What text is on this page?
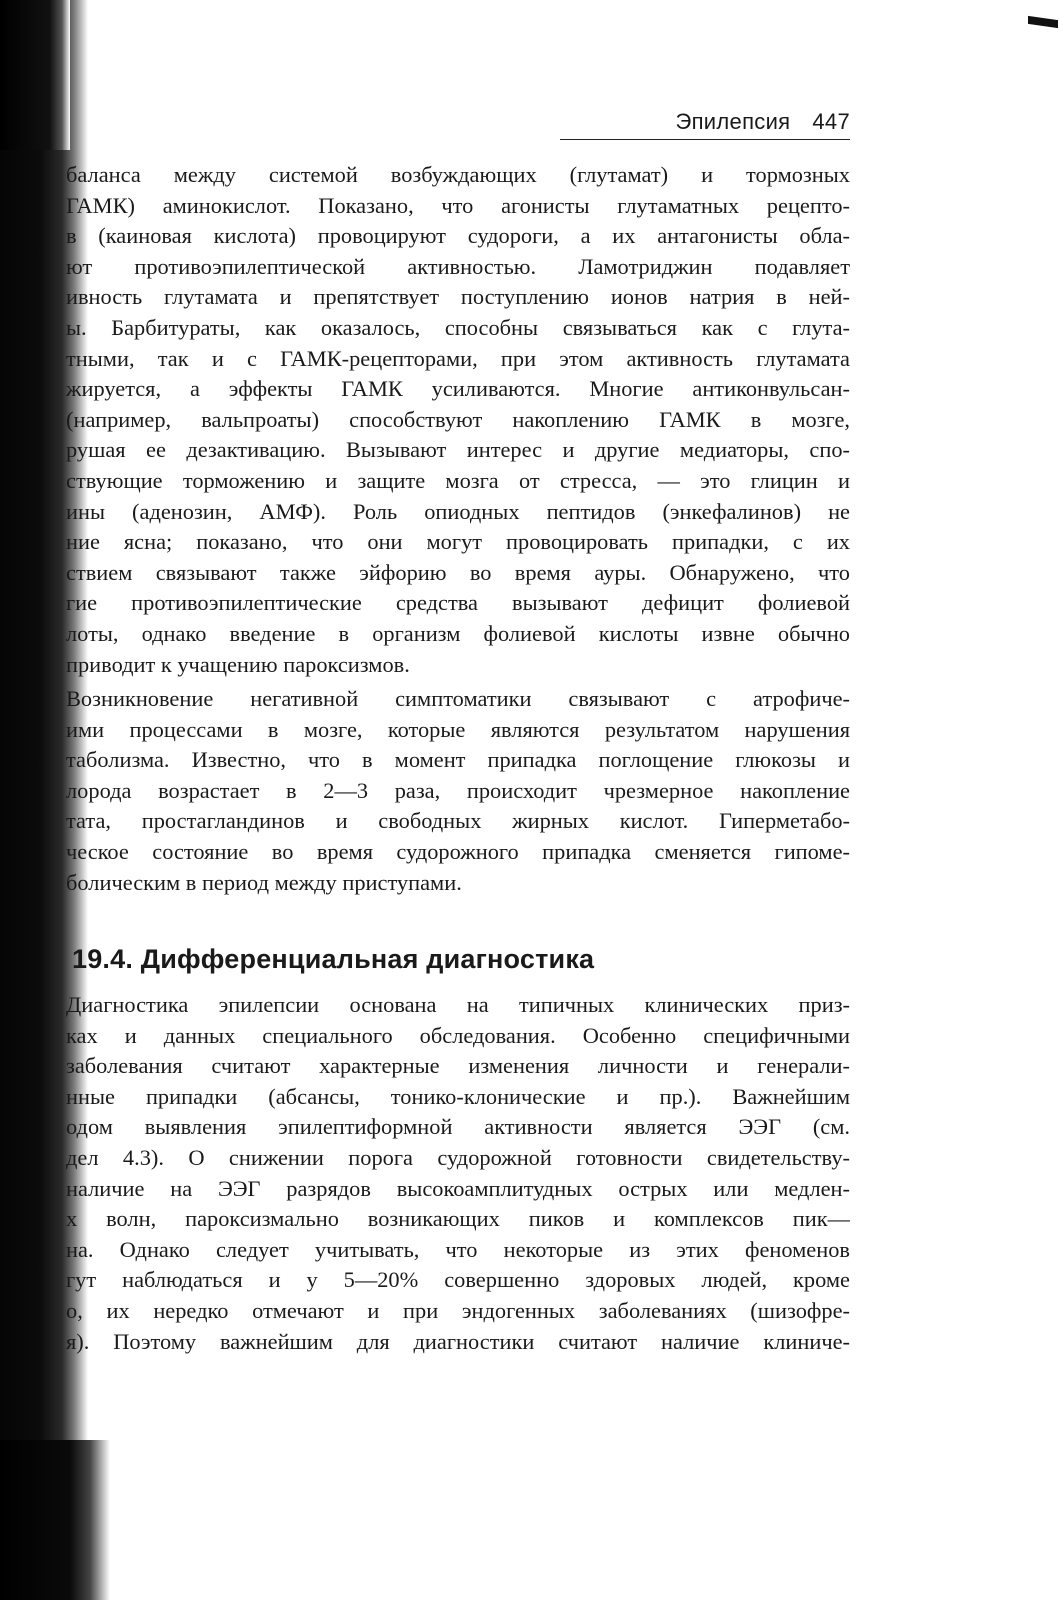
Эпилепсия 447
баланса между системой возбуждающих (глутамат) и тормозных
ГАМК) аминокислот. Показано, что агонисты глутаматных рецепто-
в (каиновая кислота) провоцируют судороги, а их антагонисты обла-
ют противоэпилептической активностью. Ламотриджин подавляет
ивность глутамата и препятствует поступлению ионов натрия в ней-
ы. Барбитураты, как оказалось, способны связываться как с глута-
тными, так и с ГАМК-рецепторами, при этом активность глутамата
жируется, а эффекты ГАМК усиливаются. Многие антиконвульсан-
(например, вальпроаты) способствуют накоплению ГАМК в мозге,
рушая ее дезактивацию. Вызывают интерес и другие медиаторы, спо-
ствующие торможению и защите мозга от стресса, — это глицин и
ины (аденозин, АМФ). Роль опиодных пептидов (энкефалинов) не
ние ясна; показано, что они могут провоцировать припадки, с их
ствием связывают также эйфорию во время ауры. Обнаружено, что
гие противоэпилептические средства вызывают дефицит фолиевой
лоты, однако введение в организм фолиевой кислоты извне обычно
приводит к учащению пароксизмов.
Возникновение негативной симптоматики связывают с атрофиче-
ими процессами в мозге, которые являются результатом нарушения
таболизма. Известно, что в момент припадка поглощение глюкозы и
лорода возрастает в 2—3 раза, происходит чрезмерное накопление
тата, простагландинов и свободных жирных кислот. Гиперметабо-
ческое состояние во время судорожного припадка сменяется гипоме-
болическим в период между приступами.
19.4. Дифференциальная диагностика
Диагностика эпилепсии основана на типичных клинических приз-
ках и данных специального обследования. Особенно специфичными
заболевания считают характерные изменения личности и генерали-
нные припадки (абсансы, тонико-клонические и пр.). Важнейшим
одом выявления эпилептиформной активности является ЭЭГ (см.
дел 4.3). О снижении порога судорожной готовности свидетельству-
наличие на ЭЭГ разрядов высокоамплитудных острых или медлен-
х волн, пароксизмально возникающих пиков и комплексов пик—
на. Однако следует учитывать, что некоторые из этих феноменов
гут наблюдаться и у 5—20% совершенно здоровых людей, кроме
о, их нередко отмечают и при эндогенных заболеваниях (шизофре-
я). Поэтому важнейшим для диагностики считают наличие клиниче-
